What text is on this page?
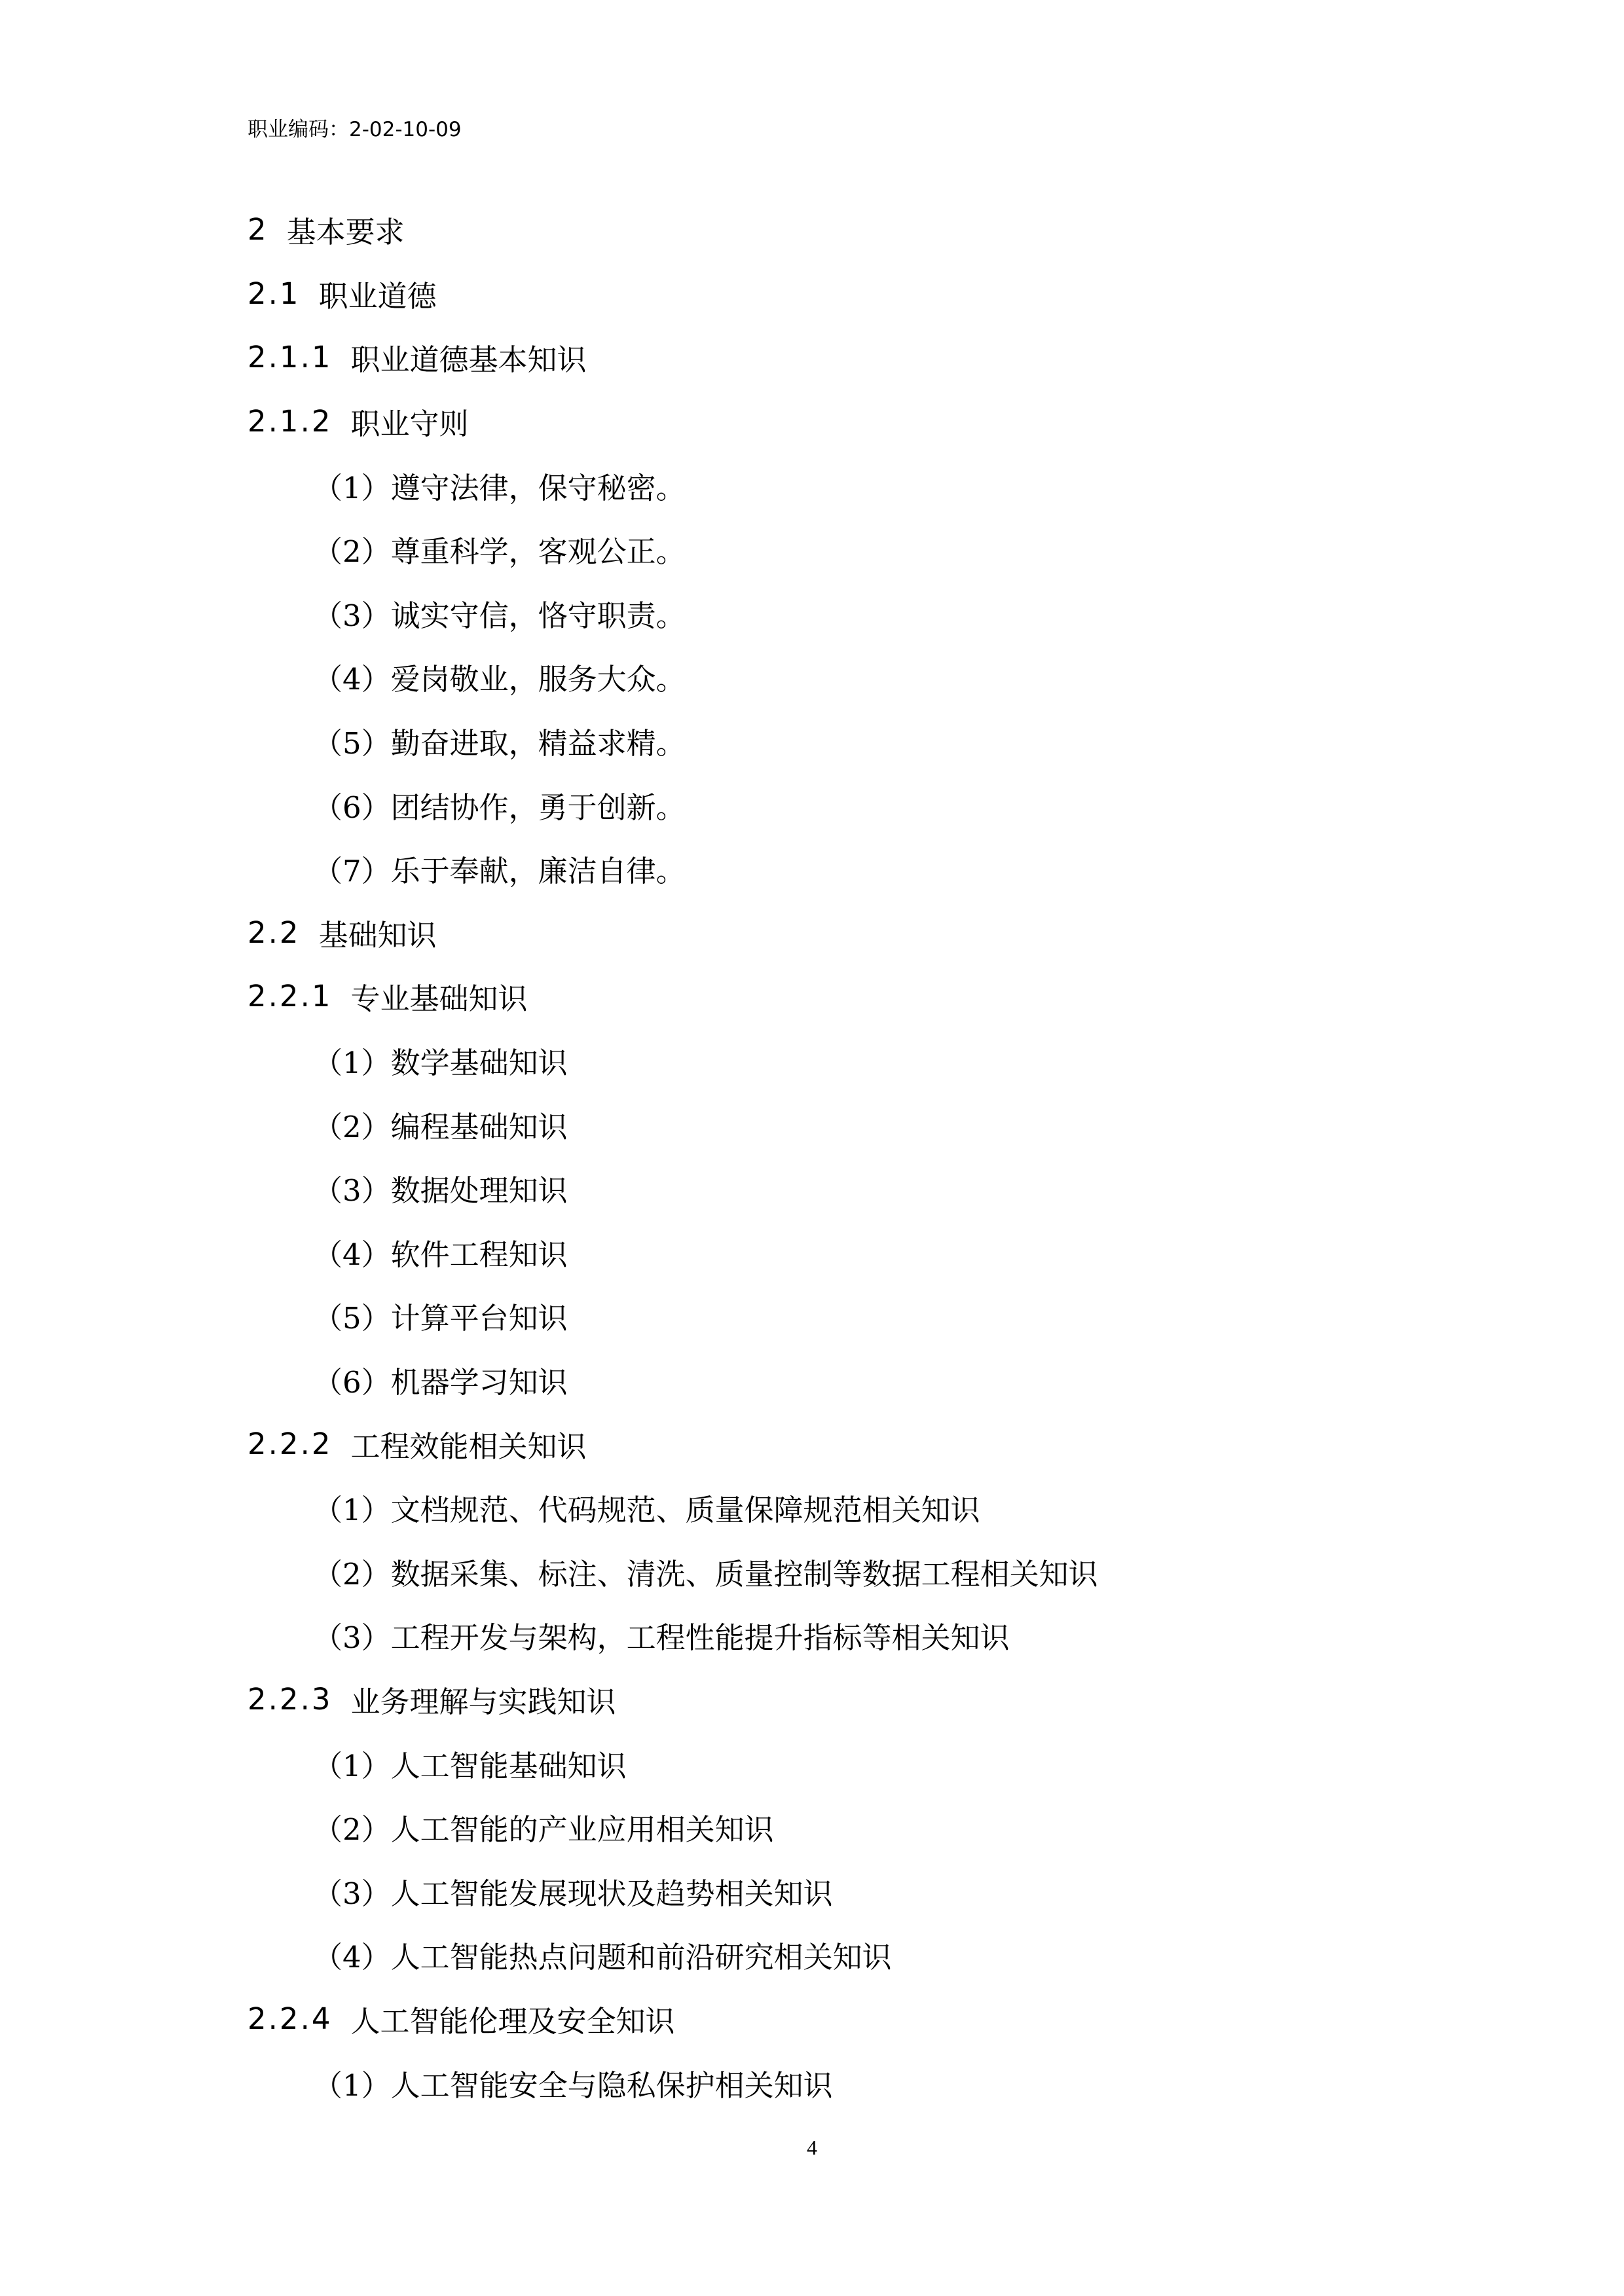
职业编码：2-02-10-09
2 基本要求
2.1 职业道德
2.1.1 职业道德基本知识
2.1.2 职业守则
（1）遵守法律，保守秘密。
（2）尊重科学，客观公正。
（3）诚实守信，恪守职责。
（4）爱岗敬业，服务大众。
（5）勤奋进取，精益求精。
（6）团结协作，勇于创新。
（7）乐于奉献，廉洁自律。
2.2 基础知识
2.2.1 专业基础知识
（1）数学基础知识
（2）编程基础知识
（3）数据处理知识
（4）软件工程知识
（5）计算平台知识
（6）机器学习知识
2.2.2 工程效能相关知识
（1）文档规范、代码规范、质量保障规范相关知识
（2）数据采集、标注、清洗、质量控制等数据工程相关知识
（3）工程开发与架构，工程性能提升指标等相关知识
2.2.3 业务理解与实践知识
（1）人工智能基础知识
（2）人工智能的产业应用相关知识
（3）人工智能发展现状及趋势相关知识
（4）人工智能热点问题和前沿研究相关知识
2.2.4 人工智能伦理及安全知识
（1）人工智能安全与隐私保护相关知识
4
